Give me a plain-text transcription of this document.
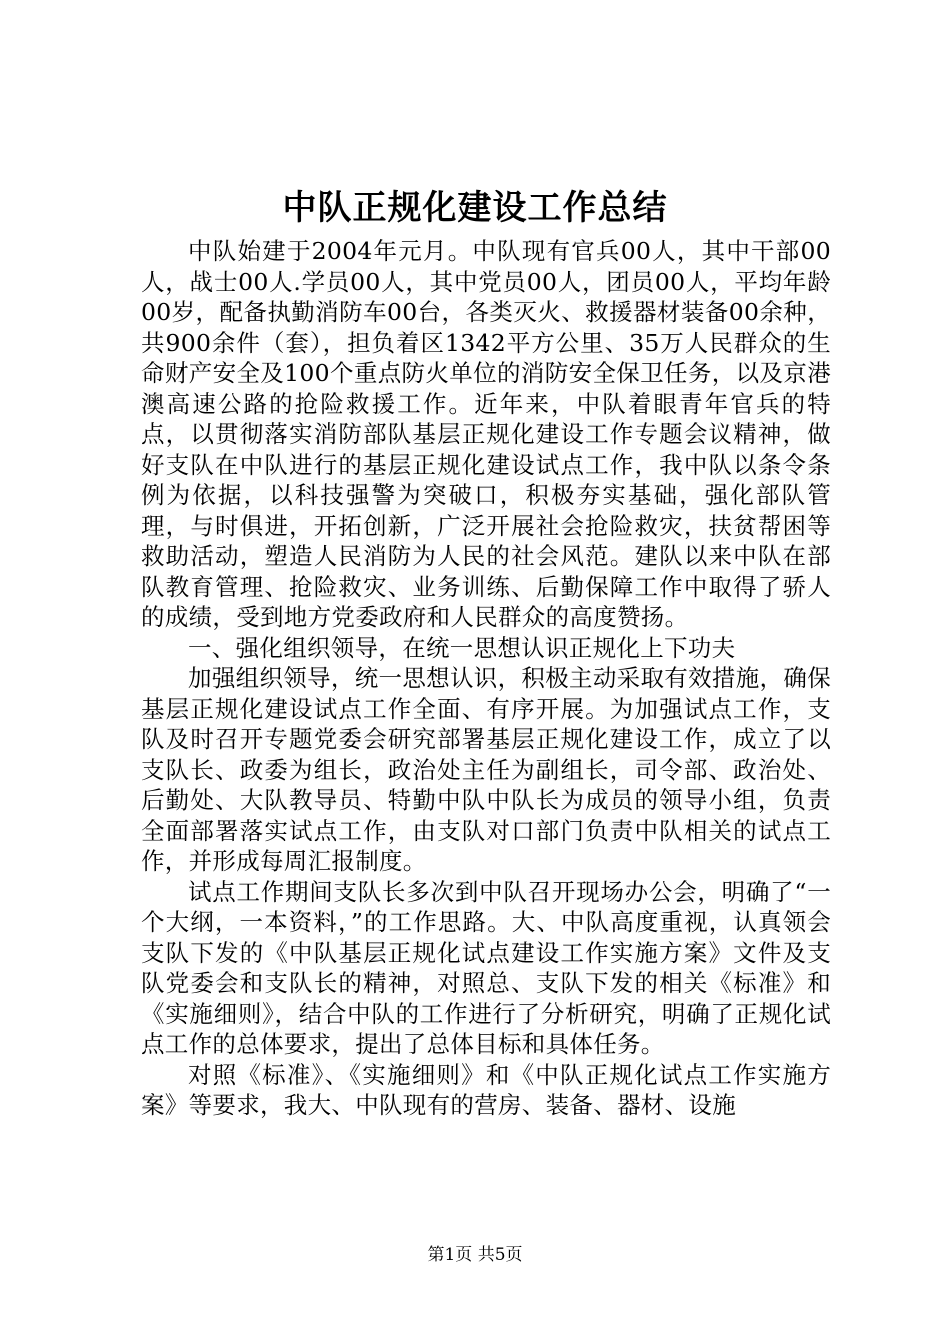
中队正规化建设工作总结

中队始建于2004年元月。中队现有官兵00人，其中干部00人，战士00人.学员00人，其中党员00人，团员00人，平均年龄00岁，配备执勤消防车00台，各类灭火、救援器材装备00余种，共900余件（套），担负着区1342平方公里、35万人民群众的生命财产安全及100个重点防火单位的消防安全保卫任务，以及京港澳高速公路的抢险救援工作。近年来，中队着眼青年官兵的特点，以贯彻落实消防部队基层正规化建设工作专题会议精神，做好支队在中队进行的基层正规化建设试点工作，我中队以条令条例为依据，以科技强警为突破口，积极夯实基础，强化部队管理，与时俱进，开拓创新，广泛开展社会抢险救灾，扶贫帮困等救助活动，塑造人民消防为人民的社会风范。建队以来中队在部队教育管理、抢险救灾、业务训练、后勤保障工作中取得了骄人的成绩，受到地方党委政府和人民群众的高度赞扬。

一、强化组织领导，在统一思想认识正规化上下功夫

加强组织领导，统一思想认识，积极主动采取有效措施，确保基层正规化建设试点工作全面、有序开展。为加强试点工作，支队及时召开专题党委会研究部署基层正规化建设工作，成立了以支队长、政委为组长，政治处主任为副组长，司令部、政治处、后勤处、大队教导员、特勤中队中队长为成员的领导小组，负责全面部署落实试点工作，由支队对口部门负责中队相关的试点工作，并形成每周汇报制度。

试点工作期间支队长多次到中队召开现场办公会，明确了“一个大纲，一本资料，”的工作思路。大、中队高度重视，认真领会支队下发的《中队基层正规化试点建设工作实施方案》文件及支队党委会和支队长的精神，对照总、支队下发的相关《标准》和《实施细则》，结合中队的工作进行了分析研究，明确了正规化试点工作的总体要求，提出了总体目标和具体任务。

对照《标准》、《实施细则》和《中队正规化试点工作实施方案》等要求，我大、中队现有的营房、装备、器材、设施

第1页 共5页
